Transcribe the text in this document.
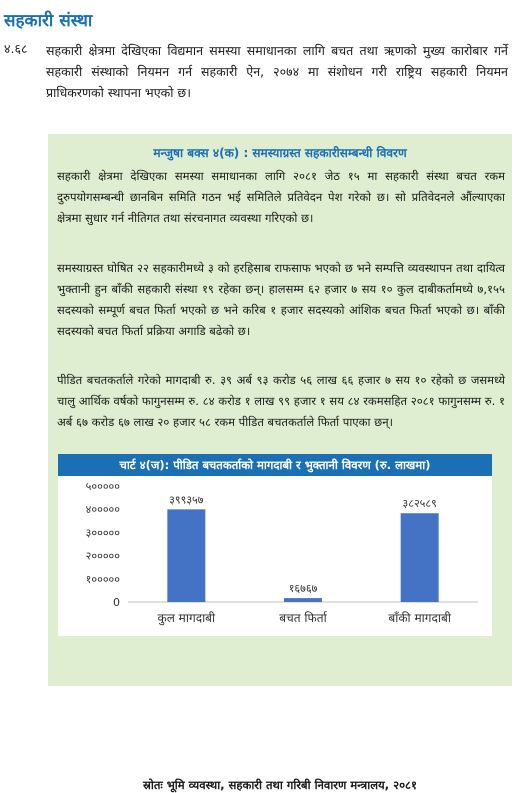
सहकारी संस्था
४.६८ सहकारी क्षेत्रमा देखिएका विद्यमान समस्या समाधानका लागि बचत तथा ऋणको मुख्य कारोबार गर्ने सहकारी संस्थाको नियमन गर्न सहकारी ऐन, २०७४ मा संशोधन गरी राष्ट्रिय सहकारी नियमन प्राधिकरणको स्थापना भएको छ।
मन्जुषा बक्स ४(क) : समस्याग्रस्त सहकारीसम्बन्धी विवरण
सहकारी क्षेत्रमा देखिएका समस्या समाधानका लागि २०८१ जेठ १५ मा सहकारी संस्था बचत रकम दुरुपयोगसम्बन्धी छानबिन समिति गठन भई समितिले प्रतिवेदन पेश गरेको छ। सो प्रतिवेदनले औंल्याएका क्षेत्रमा सुधार गर्न नीतिगत तथा संरचनागत व्यवस्था गरिएको छ।
समस्याग्रस्त घोषित २२ सहकारीमध्ये ३ को हरहिसाब राफसाफ भएको छ भने सम्पत्ति व्यवस्थापन तथा दायित्व भुक्तानी हुन बाँकी सहकारी संस्था १९ रहेका छन्। हालसम्म ६२ हजार ७ सय १० कुल दाबीकर्तामध्ये ७,१५५ सदस्यको सम्पूर्ण बचत फिर्ता भएको छ भने करिब १ हजार सदस्यको आंशिक बचत फिर्ता भएको छ। बाँकी सदस्यको बचत फिर्ता प्रक्रिया अगाडि बढेको छ।
पीडित बचतकर्ताले गरेको मागदाबी रु. ३९ अर्ब ९३ करोड ५६ लाख ६६ हजार ७ सय १० रहेको छ जसमध्ये चालु आर्थिक वर्षको फागुनसम्म रु. ८४ करोड १ लाख ९९ हजार १ सय ८४ रकमसहित २०८१ फागुनसम्म रु. १ अर्ब ६७ करोड ६७ लाख २० हजार ५८ रकम पीडित बचतकर्ताले फिर्ता पाएका छन्।
स्रोतः भूमि व्यवस्था, सहकारी तथा गरिबी निवारण मन्त्रालय, २०८१
चार्ट ४(ज): पीडित बचतकर्ताको मागदाबी र भुक्तानी विवरण (रु. लाखमा)
0
१०००००
२०००००
३०००००
४०००००
५०००००
३९९३५७
कुल मागदाबी
१६७६७
बचत फिर्ता
३८२५८९
बाँकी मागदाबी
